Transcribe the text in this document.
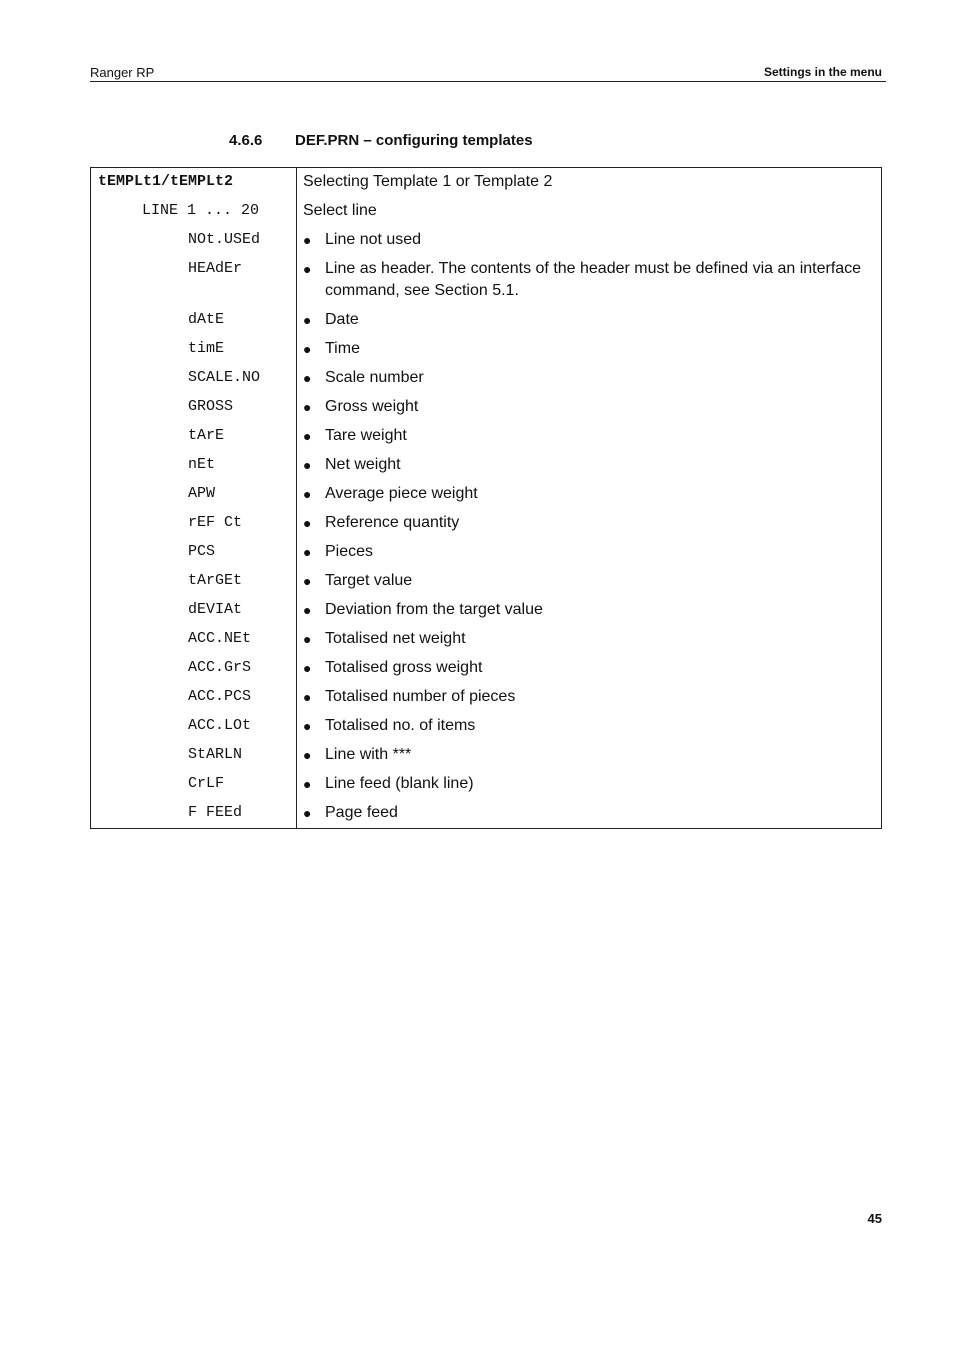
Ranger RP	Settings in the menu
4.6.6 DEF.PRN – configuring templates
tEMPLt1/tEMPLt2	Selecting Template 1 or Template 2

LINE 1 ... 20	Select line

NOt.USEd	● Line not used

HEAdEr	● Line as header. The contents of the header must be defined via an interface command, see Section 5.1.

dAtE	● Date

timE	● Time

SCALE.NO	● Scale number

GROSS	● Gross weight

tArE	● Tare weight

nEt	● Net weight

APW	● Average piece weight

rEF Ct	● Reference quantity

PCS	● Pieces

tArGEt	● Target value

dEVIAt	● Deviation from the target value

ACC.NEt	● Totalised net weight

ACC.GrS	● Totalised gross weight

ACC.PCS	● Totalised number of pieces

ACC.LOt	● Totalised no. of items

StARLN	● Line with ***

CrLF	● Line feed (blank line)

F FEEd	● Page feed
45
